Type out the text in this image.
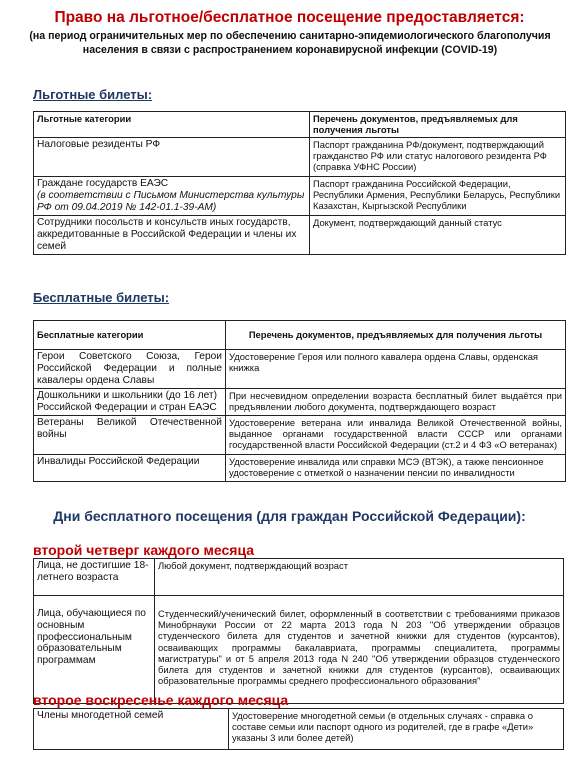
Право на льготное/бесплатное посещение предоставляется:
(на период ограничительных мер по обеспечению санитарно-эпидемиологического благополучия населения в связи с распространением коронавирусной инфекции (COVID-19)
Льготные билеты:
Льготные категории	Перечень документов, предъявляемых для получения льготы
Налоговые резиденты РФ	Паспорт гражданина РФ/документ, подтверждающий гражданство РФ или статус налогового резидента РФ (справка УФНС России)
Граждане государств ЕАЭС
(в соответствии с Письмом Министерства культуры РФ от 09.04.2019 № 142-01.1-39-АМ)	Паспорт гражданина Российской Федерации, Республики Армения, Республики Беларусь, Республики Казахстан, Кыргызской Республики
Сотрудники посольств и консульств иных государств, аккредитованные в Российской Федерации и члены их семей	Документ, подтверждающий данный статус
Бесплатные билеты:
Бесплатные категории	Перечень документов, предъявляемых для получения льготы
Герои Советского Союза, Герои Российской Федерации и полные кавалеры ордена Славы	Удостоверение Героя или полного кавалера ордена Славы, орденская книжка
Дошкольники и школьники (до 16 лет) Российской Федерации и стран ЕАЭС	При несчевидном определении возраста бесплатный билет выдаётся при предъявлении любого документа, подтверждающего возраст
Ветераны Великой Отечественной войны	Удостоверение ветерана или инвалида Великой Отечественной войны, выданное органами государственной власти СССР или органами государственной власти Российской Федерации (ст.2 и 4 ФЗ «О ветеранах)
Инвалиды Российской Федерации	Удостоверение инвалида или справки МСЭ (ВТЭК), а также пенсионное удостоверение с отметкой о назначении пенсии по инвалидности
Дни бесплатного посещения (для граждан Российской Федерации):
второй четверг каждого месяца
Лица, не достигшие 18-летнего возраста	Любой документ, подтверждающий возраст
Лица, обучающиеся по основным профессиональным образовательным программам	Студенческий/ученический билет, оформленный в соответствии с требованиями приказов Минобрнауки России от 22 марта 2013 года N 203 "Об утверждении образцов студенческого билета для студентов и зачетной книжки для студентов (курсантов), осваивающих программы бакалавриата, программы специалитета, программы магистратуры" и от 5 апреля 2013 года N 240 "Об утверждении образцов студенческого билета для студентов и зачетной книжки для студентов (курсантов), осваивающих образовательные программы среднего профессионального образования"
второе воскресенье каждого месяца
Члены многодетной семей	Удостоверение многодетной семьи (в отдельных случаях - справка о составе семьи или паспорт одного из родителей, где в графе «Дети» указаны 3 или более детей)
